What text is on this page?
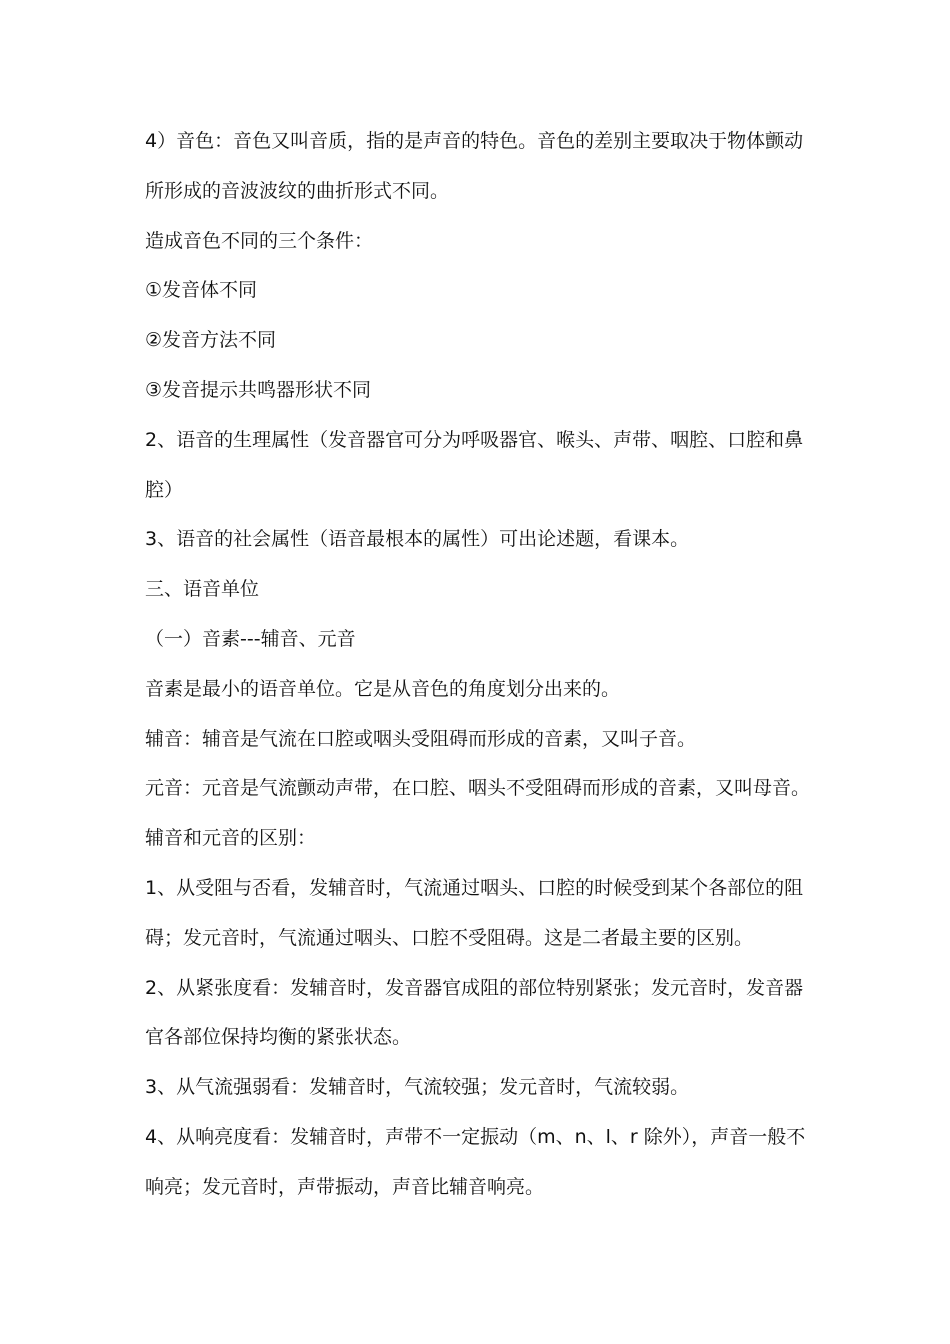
4）音色：音色又叫音质，指的是声音的特色。音色的差别主要取决于物体颤动所形成的音波波纹的曲折形式不同。

造成音色不同的三个条件：

①发音体不同

②发音方法不同

③发音提示共鸣器形状不同

2、语音的生理属性（发音器官可分为呼吸器官、喉头、声带、咽腔、口腔和鼻腔）

3、语音的社会属性（语音最根本的属性）可出论述题，看课本。

三、语音单位

（一）音素---辅音、元音

音素是最小的语音单位。它是从音色的角度划分出来的。

辅音：辅音是气流在口腔或咽头受阻碍而形成的音素，又叫子音。

元音：元音是气流颤动声带，在口腔、咽头不受阻碍而形成的音素，又叫母音。

辅音和元音的区别：

1、从受阻与否看，发辅音时，气流通过咽头、口腔的时候受到某个各部位的阻碍；发元音时，气流通过咽头、口腔不受阻碍。这是二者最主要的区别。

2、从紧张度看：发辅音时，发音器官成阻的部位特别紧张；发元音时，发音器官各部位保持均衡的紧张状态。

3、从气流强弱看：发辅音时，气流较强；发元音时，气流较弱。

4、从响亮度看：发辅音时，声带不一定振动（m、n、l、r 除外），声音一般不响亮；发元音时，声带振动，声音比辅音响亮。
